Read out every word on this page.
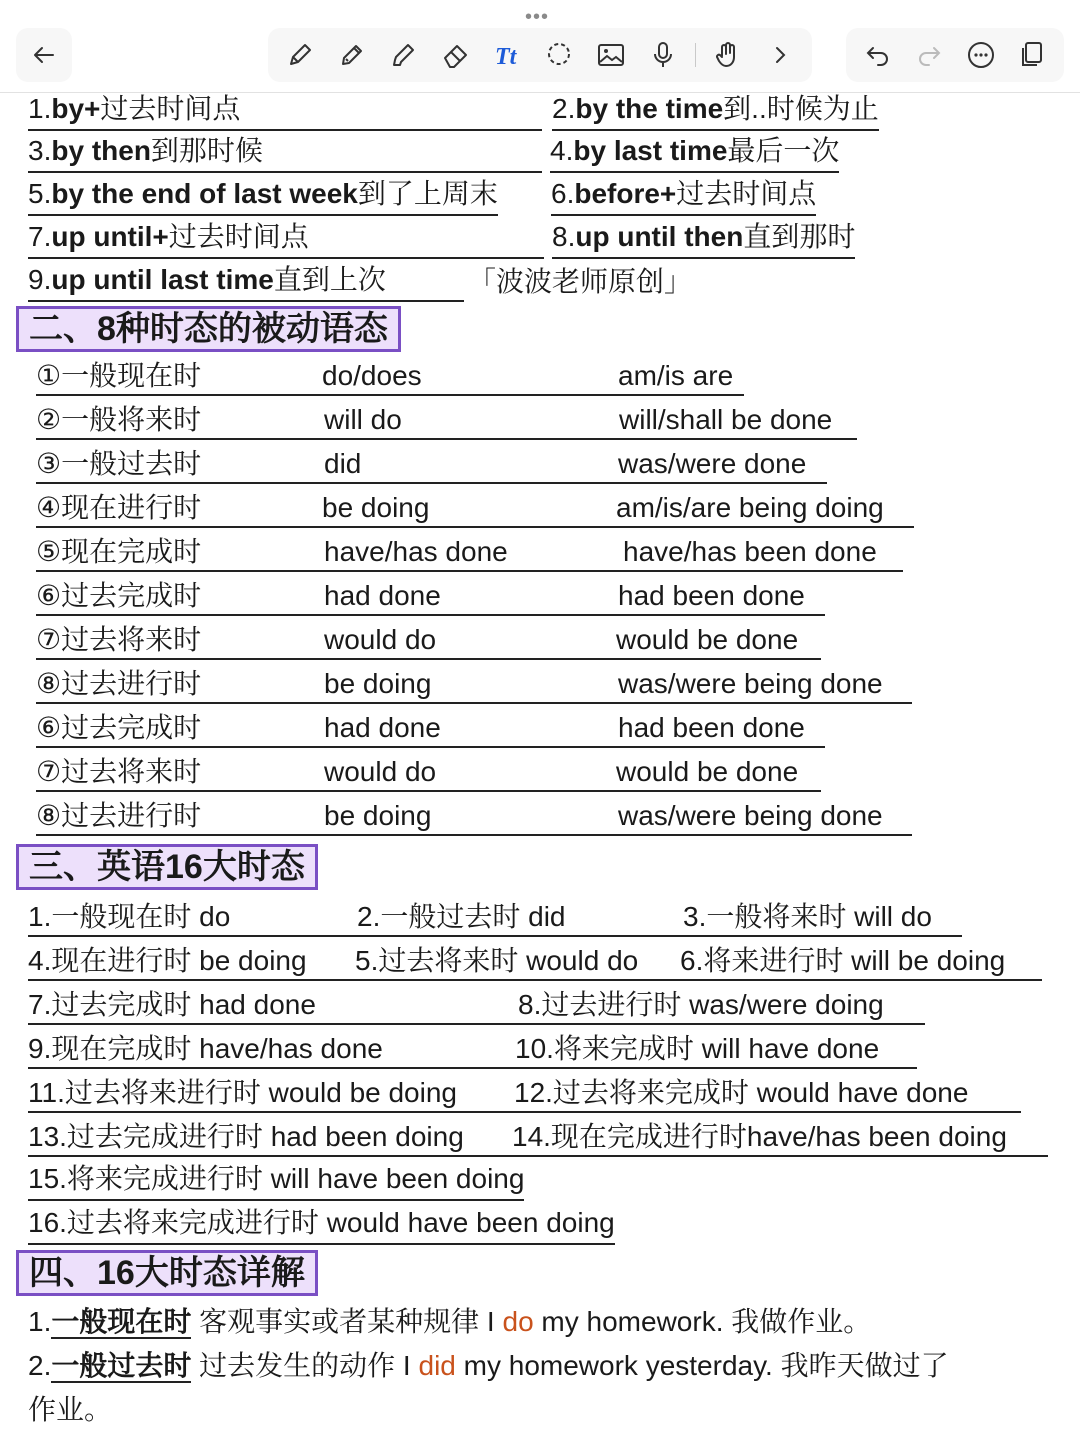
•••
Tt
1.by+过去时间点	2.by the time到..时候为止
3.by then到那时候	4.by last time最后一次
5.by the end of last week到了上周末 6.before+过去时间点
7.up until+过去时间点	8.up until then直到那时
9.up until last time直到上次	「波波老师原创」
二、8种时态的被动语态
①一般现在时	do/does	am/is are
②一般将来时	will do	will/shall be done
③一般过去时	did	was/were done
④现在进行时	be doing	am/is/are being doing
⑤现在完成时	have/has done	have/has been done
⑥过去完成时	had done	had been done
⑦过去将来时	would do	would be done
⑧过去进行时	be doing	was/were being done
⑥过去完成时	had done	had been done
⑦过去将来时	would do	would be done
⑧过去进行时	be doing	was/were being done
三、英语16大时态
1.一般现在时 do	2.一般过去时 did	3.一般将来时 will do
4.现在进行时 be doing 5.过去将来时 would do 6.将来进行时 will be doing
7.过去完成时 had done	8.过去进行时 was/were doing
9.现在完成时 have/has done	10.将来完成时 will have done
11.过去将来进行时 would be doing 12.过去将来完成时 would have done
13.过去完成进行时 had been doing 14.现在完成进行时have/has been doing
15.将来完成进行时 will have been doing
16.过去将来完成进行时 would have been doing
四、16大时态详解
1.一般现在时 客观事实或者某种规律 I do my homework. 我做作业。
2.一般过去时 过去发生的动作 I did my homework yesterday. 我昨天做过了
作业。
